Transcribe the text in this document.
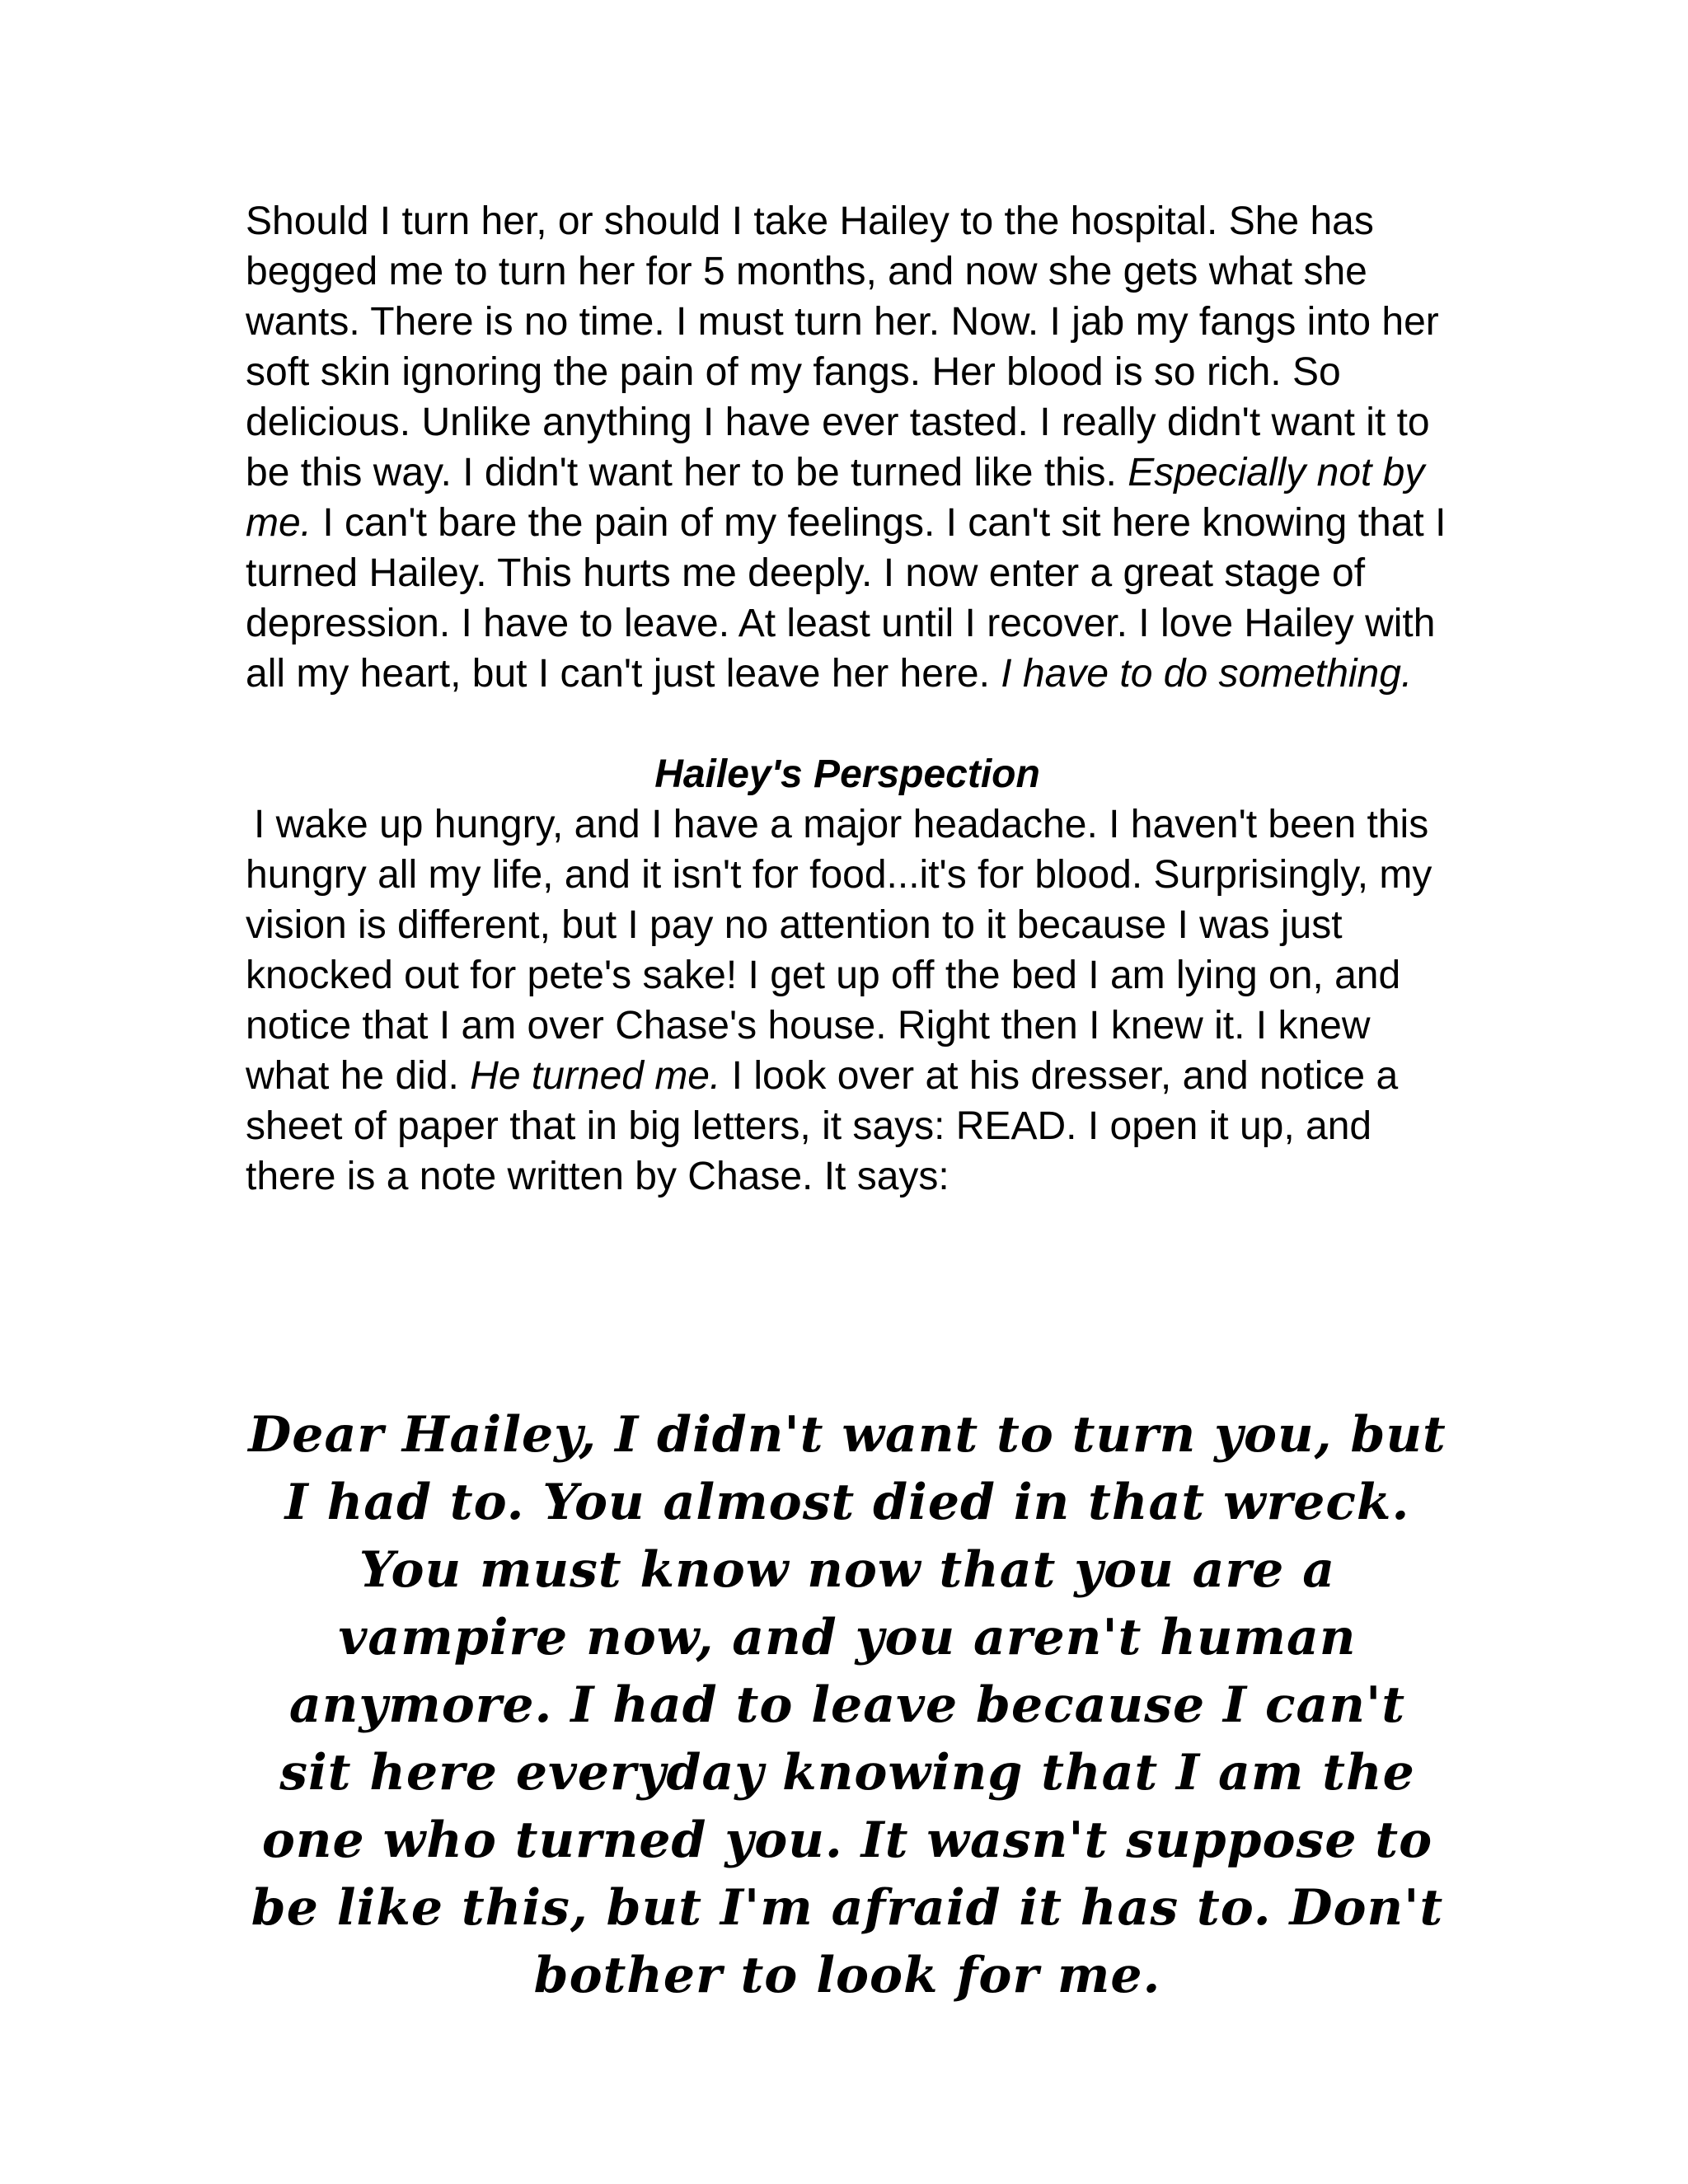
Should I turn her, or should I take Hailey to the hospital. She has begged me to turn her for 5 months, and now she gets what she wants. There is no time. I must turn her. Now. I jab my fangs into her soft skin ignoring the pain of my fangs. Her blood is so rich. So delicious. Unlike anything I have ever tasted. I really didn't want it to be this way. I didn't want her to be turned like this. Especially not by me. I can't bare the pain of my feelings. I can't sit here knowing that I turned Hailey. This hurts me deeply. I now enter a great stage of depression. I have to leave. At least until I recover. I love Hailey with all my heart, but I can't just leave her here. I have to do something.

Hailey's Perspection

I wake up hungry, and I have a major headache. I haven't been this hungry all my life, and it isn't for food...it's for blood. Surprisingly, my vision is different, but I pay no attention to it because I was just knocked out for pete's sake! I get up off the bed I am lying on, and notice that I am over Chase's house. Right then I knew it. I knew what he did. He turned me. I look over at his dresser, and notice a sheet of paper that in big letters, it says: READ. I open it up, and there is a note written by Chase. It says:

Dear Hailey, I didn't want to turn you, but I had to. You almost died in that wreck. You must know now that you are a vampire now, and you aren't human anymore. I had to leave because I can't sit here everyday knowing that I am the one who turned you. It wasn't suppose to be like this, but I'm afraid it has to. Don't bother to look for me.
